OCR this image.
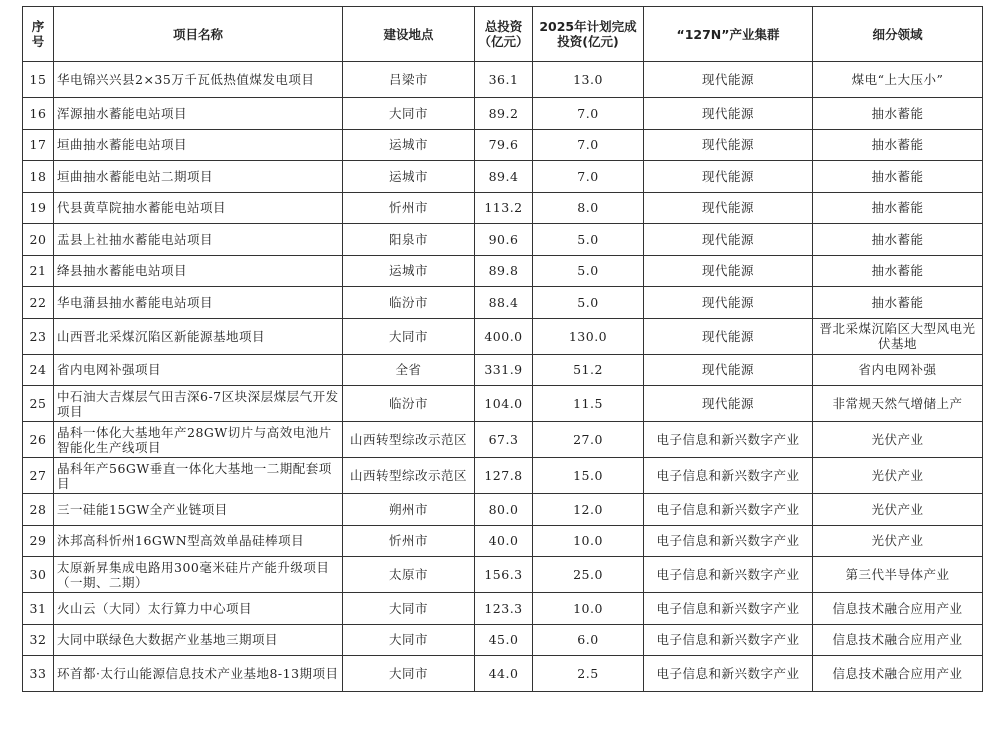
序号	项目名称	建设地点	总投资（亿元）	2025年计划完成投资(亿元)	“127N”产业集群	细分领域
15	华电锦兴兴县2×35万千瓦低热值煤发电项目	吕梁市	36.1	13.0	现代能源	煤电“上大压小”
16	浑源抽水蓄能电站项目	大同市	89.2	7.0	现代能源	抽水蓄能
17	垣曲抽水蓄能电站项目	运城市	79.6	7.0	现代能源	抽水蓄能
18	垣曲抽水蓄能电站二期项目	运城市	89.4	7.0	现代能源	抽水蓄能
19	代县黄草院抽水蓄能电站项目	忻州市	113.2	8.0	现代能源	抽水蓄能
20	盂县上社抽水蓄能电站项目	阳泉市	90.6	5.0	现代能源	抽水蓄能
21	绛县抽水蓄能电站项目	运城市	89.8	5.0	现代能源	抽水蓄能
22	华电蒲县抽水蓄能电站项目	临汾市	88.4	5.0	现代能源	抽水蓄能
23	山西晋北采煤沉陷区新能源基地项目	大同市	400.0	130.0	现代能源	晋北采煤沉陷区大型风电光伏基地
24	省内电网补强项目	全省	331.9	51.2	现代能源	省内电网补强
25	中石油大吉煤层气田吉深6-7区块深层煤层气开发项目	临汾市	104.0	11.5	现代能源	非常规天然气增储上产
26	晶科一体化大基地年产28GW切片与高效电池片智能化生产线项目	山西转型综改示范区	67.3	27.0	电子信息和新兴数字产业	光伏产业
27	晶科年产56GW垂直一体化大基地一二期配套项目	山西转型综改示范区	127.8	15.0	电子信息和新兴数字产业	光伏产业
28	三一硅能15GW全产业链项目	朔州市	80.0	12.0	电子信息和新兴数字产业	光伏产业
29	沐邦高科忻州16GWN型高效单晶硅棒项目	忻州市	40.0	10.0	电子信息和新兴数字产业	光伏产业
30	太原新昇集成电路用300毫米硅片产能升级项目（一期、二期）	太原市	156.3	25.0	电子信息和新兴数字产业	第三代半导体产业
31	火山云（大同）太行算力中心项目	大同市	123.3	10.0	电子信息和新兴数字产业	信息技术融合应用产业
32	大同中联绿色大数据产业基地三期项目	大同市	45.0	6.0	电子信息和新兴数字产业	信息技术融合应用产业
33	环首都·太行山能源信息技术产业基地8-13期项目	大同市	44.0	2.5	电子信息和新兴数字产业	信息技术融合应用产业
